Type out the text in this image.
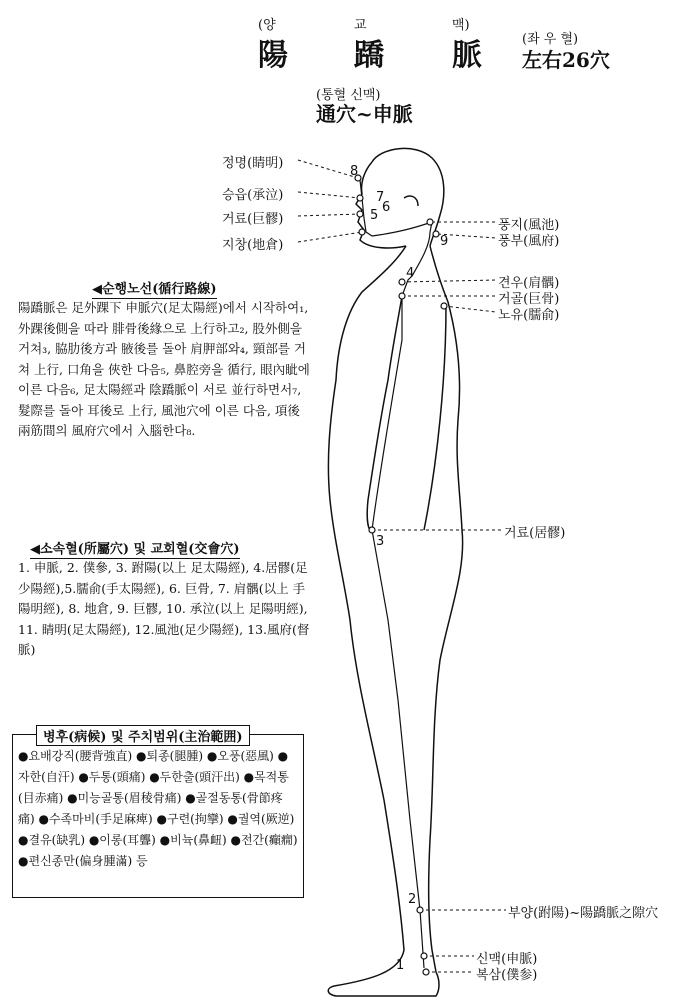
(양	교	맥)
陽 蹻 脈	(좌 우 혈)
左右26穴
(통혈 신맥)
通穴~申脈
정명(睛明)
8
승읍(承泣)	7
거료(巨髎)	5
지창(地倉)
6
풍지(風池)
풍부(風府)
9
견우(肩髃)
4
거골(巨骨)
노유(臑俞)
거료(居髎)
3
부양(跗陽)~陽蹻脈之隙穴
2
신맥(申脈)
1
복삼(僕参)
◀순행노선(循行路線)
陽蹻脈은 足外踝下 申脈穴(足太陽經)에서 시작하여₁, 外踝後側을 따라 腓骨後緣으로 上行하고₂, 股外側을 거쳐₃, 脇肋後方과 腋後를 돌아 肩胛部와₄, 頸部를 거쳐 上行, 口角을 俠한 다음₅, 鼻腔旁을 循行, 眼內眦에 이른 다음₆, 足太陽經과 陰蹻脈이 서로 並行하면서₇, 髮際를 돌아 耳後로 上行, 風池穴에 이른 다음, 項後兩筋間의 風府穴에서 入腦한다₈.
◀소속혈(所屬穴) 및 교회혈(交會穴)
1. 申脈, 2. 僕參, 3. 跗陽(以上 足太陽經), 4.居髎(足少陽經),5.臑俞(手太陽經), 6. 巨骨, 7. 肩髃(以上 手陽明經), 8. 地倉, 9. 巨髎, 10. 承泣(以上 足陽明經), 11. 睛明(足太陽經), 12.風池(足少陽經), 13.風府(督脈)
병후(病候) 및 주치범위(主治範囲)
●요배강직(腰背強直) ●퇴종(腿腫) ●오풍(惡風) ●자한(自汗) ●두통(頭痛) ●두한출(頭汗出) ●목적통(目赤痛) ●미능골통(眉稜骨痛) ●골절동통(骨節疼痛) ●수족마비(手足麻痺) ●구련(拘攣) ●궐역(厥逆) ●결유(缺乳) ●이롱(耳聾) ●비뉵(鼻衄) ●전간(癲癇) ●편신종만(偏身腫滿) 등
